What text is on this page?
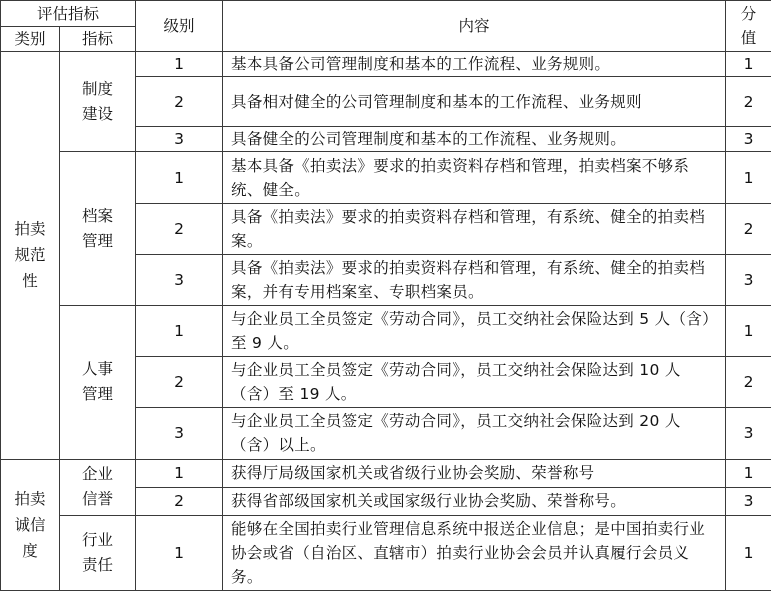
评估指标		级别	内容	分值
类别	指标			
拍卖规范性	制度建设	1	基本具备公司管理制度和基本的工作流程、业务规则。	1
		2	具备相对健全的公司管理制度和基本的工作流程、业务规则	2
		3	具备健全的公司管理制度和基本的工作流程、业务规则。	3
	档案管理	1	基本具备《拍卖法》要求的拍卖资料存档和管理，拍卖档案不够系统、健全。	1
		2	具备《拍卖法》要求的拍卖资料存档和管理，有系统、健全的拍卖档案。	2
		3	具备《拍卖法》要求的拍卖资料存档和管理，有系统、健全的拍卖档案，并有专用档案室、专职档案员。	3
	人事管理	1	与企业员工全员签定《劳动合同》，员工交纳社会保险达到 5 人（含）至 9 人。	1
		2	与企业员工全员签定《劳动合同》，员工交纳社会保险达到 10 人（含）至 19 人。	2
		3	与企业员工全员签定《劳动合同》，员工交纳社会保险达到 20 人（含）以上。	3
拍卖诚信度	企业信誉	1	获得厅局级国家机关或省级行业协会奖励、荣誉称号	1
		2	获得省部级国家机关或国家级行业协会奖励、荣誉称号。	3
	行业责任	1	能够在全国拍卖行业管理信息系统中报送企业信息；是中国拍卖行业协会或省（自治区、直辖市）拍卖行业协会会员并认真履行会员义务。	1
